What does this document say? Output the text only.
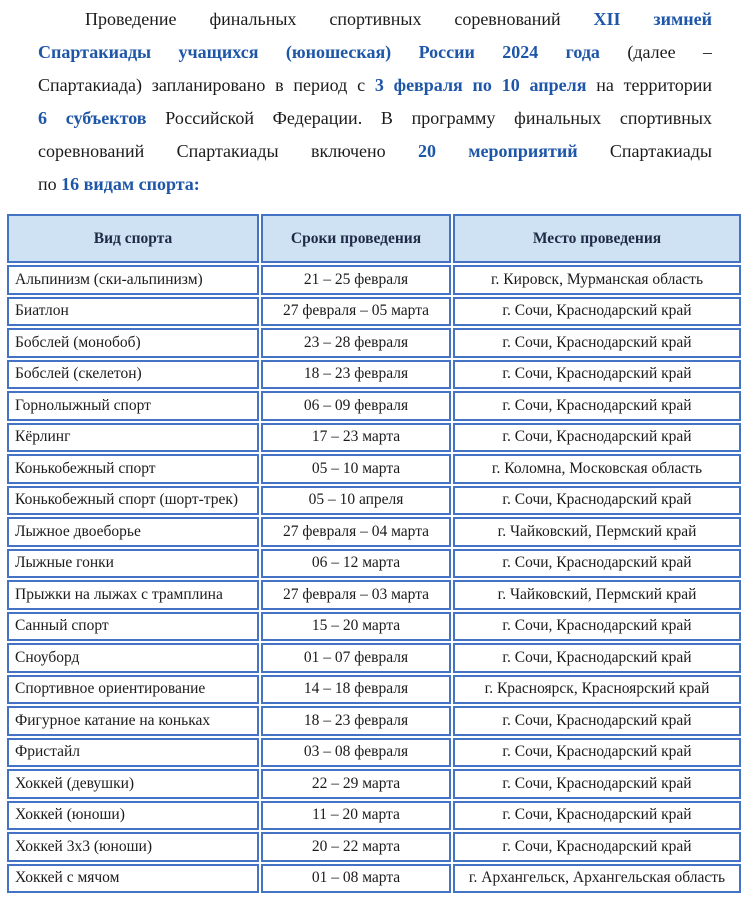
Проведение финальных спортивных соревнований XII зимней
Спартакиады учащихся (юношеская) России 2024 года (далее –
Спартакиада) запланировано в период с 3 февраля по 10 апреля на территории
6 субъектов Российской Федерации. В программу финальных спортивных
соревнований Спартакиады включено 20 мероприятий Спартакиады
по 16 видам спорта:
Вид спорта	Сроки проведения	Место проведения
Альпинизм (ски-альпинизм)	21 – 25 февраля	г. Кировск, Мурманская область
Биатлон	27 февраля – 05 марта	г. Сочи, Краснодарский край
Бобслей (монобоб)	23 – 28 февраля	г. Сочи, Краснодарский край
Бобслей (скелетон)	18 – 23 февраля	г. Сочи, Краснодарский край
Горнолыжный спорт	06 – 09 февраля	г. Сочи, Краснодарский край
Кёрлинг	17 – 23 марта	г. Сочи, Краснодарский край
Конькобежный спорт	05 – 10 марта	г. Коломна, Московская область
Конькобежный спорт (шорт-трек)	05 – 10 апреля	г. Сочи, Краснодарский край
Лыжное двоеборье	27 февраля – 04 марта	г. Чайковский, Пермский край
Лыжные гонки	06 – 12 марта	г. Сочи, Краснодарский край
Прыжки на лыжах с трамплина	27 февраля – 03 марта	г. Чайковский, Пермский край
Санный спорт	15 – 20 марта	г. Сочи, Краснодарский край
Сноуборд	01 – 07 февраля	г. Сочи, Краснодарский край
Спортивное ориентирование	14 – 18 февраля	г. Красноярск, Красноярский край
Фигурное катание на коньках	18 – 23 февраля	г. Сочи, Краснодарский край
Фристайл	03 – 08 февраля	г. Сочи, Краснодарский край
Хоккей (девушки)	22 – 29 марта	г. Сочи, Краснодарский край
Хоккей (юноши)	11 – 20 марта	г. Сочи, Краснодарский край
Хоккей 3х3 (юноши)	20 – 22 марта	г. Сочи, Краснодарский край
Хоккей с мячом	01 – 08 марта	г. Архангельск, Архангельская область
